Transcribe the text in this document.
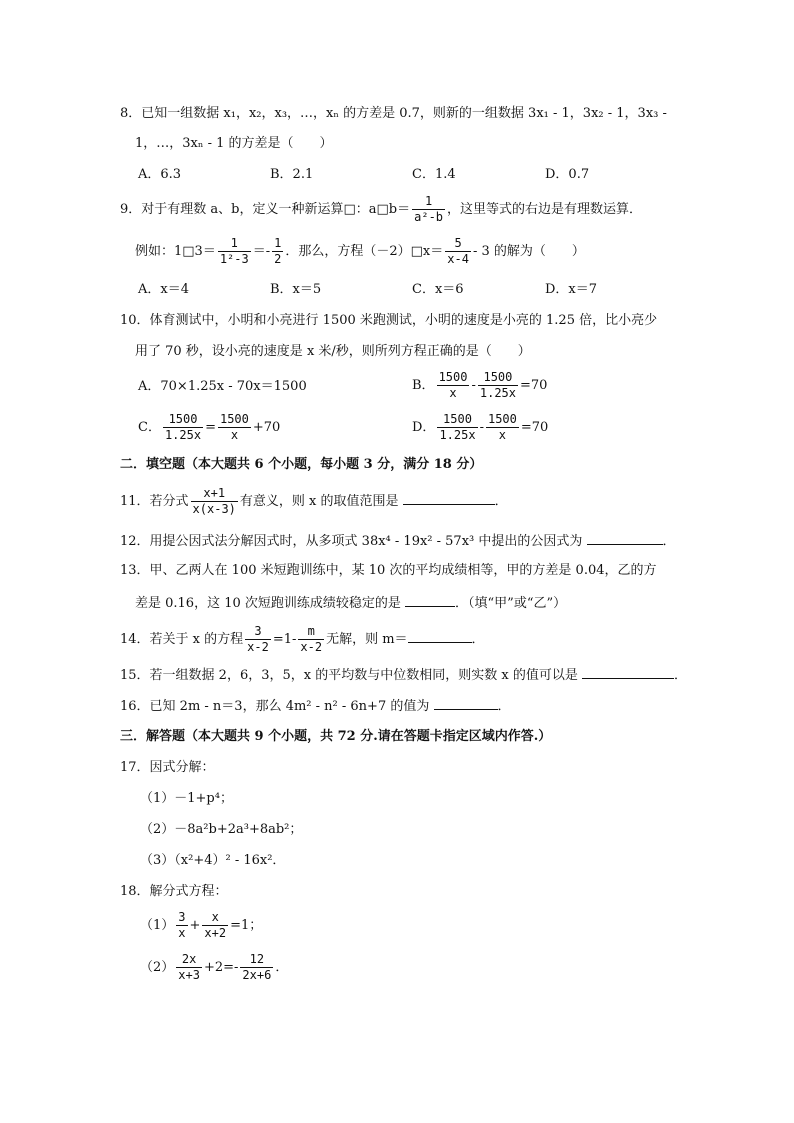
8．已知一组数据 x₁，x₂，x₃，…，xₙ 的方差是 0.7，则新的一组数据 3x₁ - 1，3x₂ - 1，3x₃ -
1，…，3xₙ - 1 的方差是（　　）
A．6.3	B．2.1	C．1.4	D．0.7
9．对于有理数 a、b，定义一种新运算□：a□b＝ $\frac{1}{\text{a²-b}}$ ，这里等式的右边是有理数运算．
例如：1□3＝ $\frac{1}{\text{1²-3}} =- \frac{1}{2}$ ．那么，方程（－2）□x＝ $\frac{5}{x-4} - 3$ 的解为（　　）
A．x＝4	B．x＝5	C．x＝6	D．x＝7
10．体育测试中，小明和小亮进行 1500 米跑测试，小明的速度是小亮的 1.25 倍，比小亮少
用了 70 秒，设小亮的速度是 x 米/秒，则所列方程正确的是（　　）
A．70×1.25x - 70x＝1500	B． $\frac{1500}{x} - \frac{1500}{1.25x} =70$
C． $\frac{1500}{1.25x} = \frac{1500}{x} +70$	D． $\frac{1500}{1.25x} - \frac{1500}{x} =70$
二．填空题（本大题共 6 个小题，每小题 3 分，满分 18 分）
11．若分式 $\frac{x+1}{x(x-3)}$ 有意义，则 x 的取值范围是	．
12．用提公因式法分解因式时，从多项式 38x⁴ - 19x² - 57x³ 中提出的公因式为	．
13．甲、乙两人在 100 米短跑训练中，某 10 次的平均成绩相等，甲的方差是 0.04，乙的方
差是 0.16，这 10 次短跑训练成绩较稳定的是	．（填“甲”或“乙”）
14．若关于 x 的方程 $\frac{3}{x-2} =1- \frac{m}{x-2}$ 无解，则 m＝	．
15．若一组数据 2，6，3，5，x 的平均数与中位数相同，则实数 x 的值可以是	．
16．已知 2m - n＝3，那么 4m² - n² - 6n+7 的值为	．
三．解答题（本大题共 9 个小题，共 72 分.请在答题卡指定区域内作答.）
17．因式分解：
（1）－1+p⁴；
（2）－8a²b+2a³+8ab²；
（3）（x²+4）² - 16x²．
18．解分式方程：
$(1) \frac{3}{x} + \frac{x}{x+2} =1$；
$(2) \frac{2x}{x+3} +2=- \frac{12}{2x+6}$ ．
